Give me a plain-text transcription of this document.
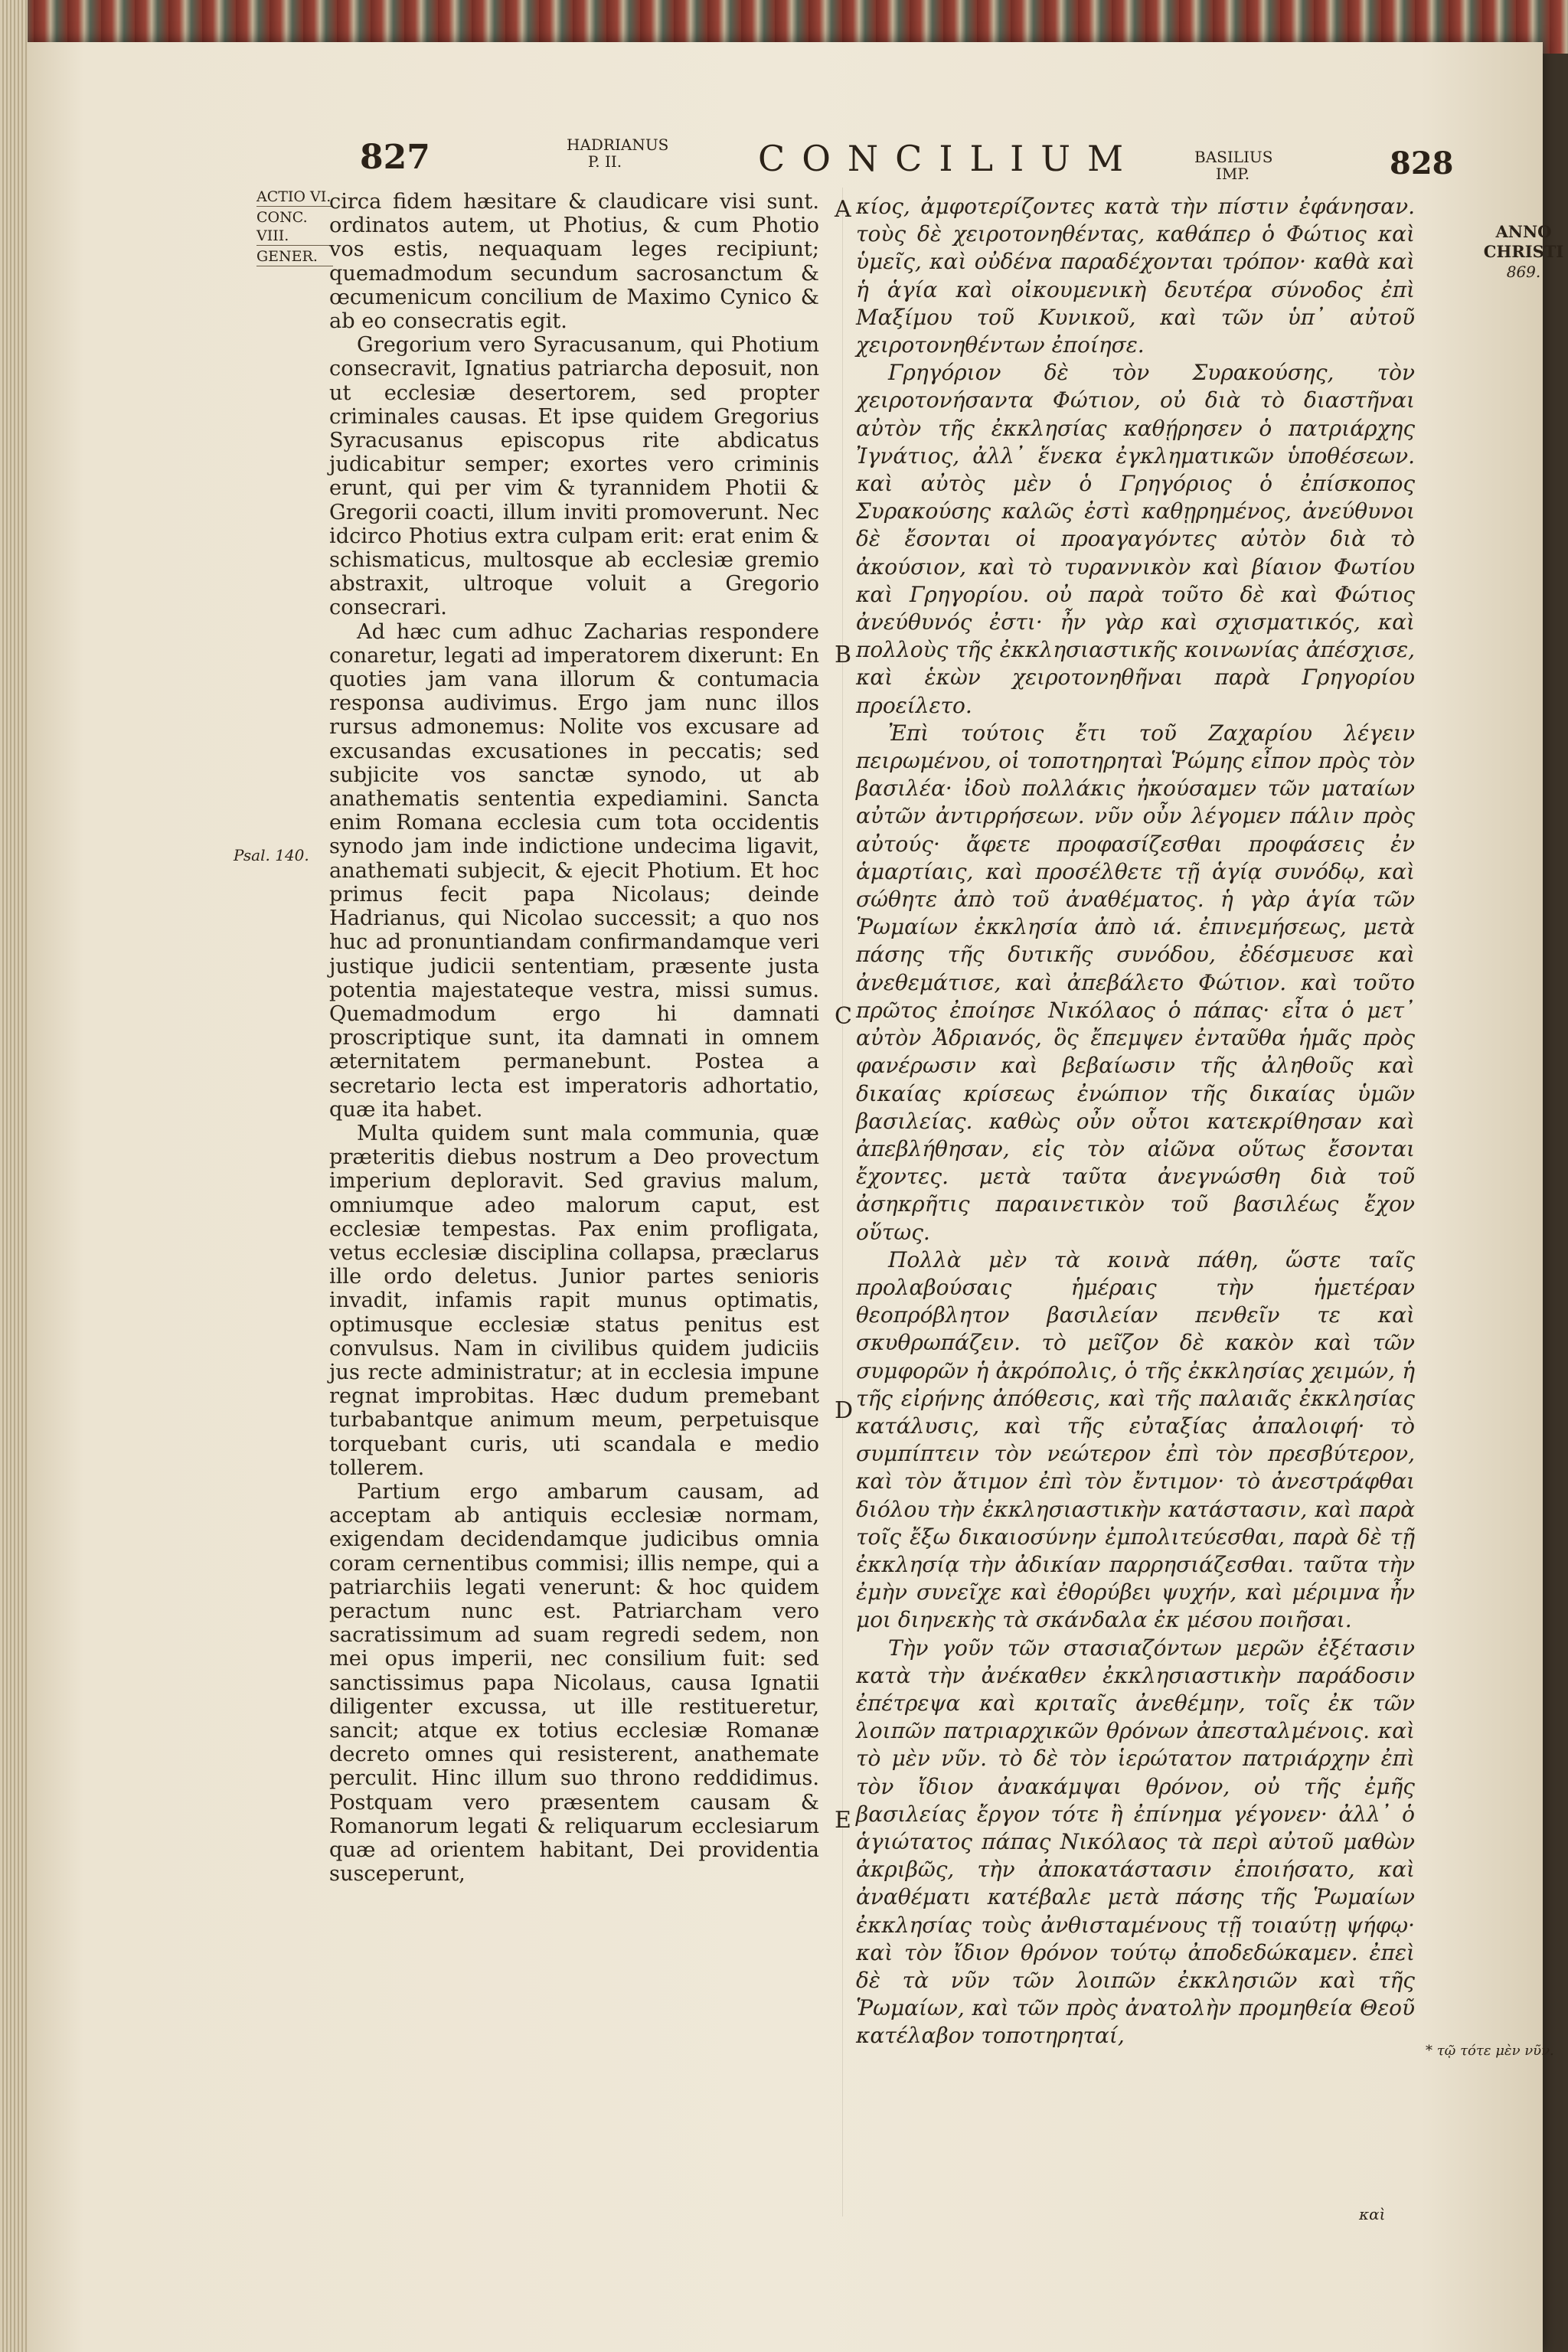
827	HADRIANUS P. II.	CONCILIUM	BASILIUS IMP.	828
ACTIO VI.
CONC. VIII.
GENER.
Psal. 140.
ANNO CHRISTI
869.

circa fidem hæsitare & claudicare visi sunt. ordinatos autem, ut Photius, & cum Photio vos estis, nequaquam leges recipiunt; quemadmodum secundum sacrosanctum & œcumenicum concilium de Maximo Cynico & ab eo consecratis egit.

Gregorium vero Syracusanum, qui Photium consecravit, Ignatius patriarcha deposuit, non ut ecclesiæ desertorem, sed propter criminales causas. Et ipse quidem Gregorius Syracusanus episcopus rite abdicatus judicabitur semper; exortes vero criminis erunt, qui per vim & tyrannidem Photii & Gregorii coacti, illum inviti promoverunt. Nec idcirco Photius extra culpam erit: erat enim & schismaticus, multosque ab ecclesiæ gremio abstraxit, ultroque voluit a Gregorio consecrari.

Ad hæc cum adhuc Zacharias respondere conaretur, legati ad imperatorem dixerunt: En quoties jam vana illorum & contumacia responsa audivimus. Ergo jam nunc illos rursus admonemus: Nolite vos excusare ad excusandas excusationes in peccatis; sed subjicite vos sanctæ synodo, ut ab anathematis sententia expediamini. Sancta enim Romana ecclesia cum tota occidentis synodo jam inde indictione undecima ligavit, anathemati subjecit, & ejecit Photium. Et hoc primus fecit papa Nicolaus; deinde Hadrianus, qui Nicolao successit; a quo nos huc ad pronuntiandam confirmandamque veri justique judicii sententiam, præsente justa potentia majestateque vestra, missi sumus. Quemadmodum ergo hi damnati proscriptique sunt, ita damnati in omnem æternitatem permanebunt. Postea a secretario lecta est imperatoris adhortatio, quæ ita habet.

Multa quidem sunt mala communia, quæ præteritis diebus nostrum a Deo provectum imperium deploravit. Sed gravius malum, omniumque adeo malorum caput, est ecclesiæ tempestas. Pax enim profligata, vetus ecclesiæ disciplina collapsa, præclarus ille ordo deletus. Junior partes senioris invadit, infamis rapit munus optimatis, optimusque ecclesiæ status penitus est convulsus. Nam in civilibus quidem judiciis jus recte administratur; at in ecclesia impune regnat improbitas. Hæc dudum premebant turbabantque animum meum, perpetuisque torquebant curis, uti scandala e medio tollerem.

Partium ergo ambarum causam, ad acceptam ab antiquis ecclesiæ normam, exigendam decidendamque judicibus omnia coram cernentibus commisi; illis nempe, qui a patriarchiis legati venerunt: & hoc quidem peractum nunc est. Patriarcham vero sacratissimum ad suam regredi sedem, non mei opus imperii, nec consilium fuit: sed sanctissimus papa Nicolaus, causa Ignatii diligenter excussa, ut ille restitueretur, sancit; atque ex totius ecclesiæ Romanæ decreto omnes qui resisterent, anathemate perculit. Hinc illum suo throno reddidimus. Postquam vero præsentem causam & Romanorum legati & reliquarum ecclesiarum quæ ad orientem habitant, Dei providentia susceperunt,

A
B
C
D
E

κίος, ἀμφοτερίζοντες κατὰ τὴν πίστιν ἐφάνησαν. τοὺς δὲ χειροτονηθέντας, καθάπερ ὁ Φώτιος καὶ ὑμεῖς, καὶ οὐδένα παραδέχονται τρόπον· καθὰ καὶ ἡ ἁγία καὶ οἰκουμενικὴ δευτέρα σύνοδος ἐπὶ Μαξίμου τοῦ Κυνικοῦ, καὶ τῶν ὑπ᾽ αὐτοῦ χειροτονηθέντων ἐποίησε.

Γρηγόριον δὲ τὸν Συρακούσης, τὸν χειροτονήσαντα Φώτιον, οὐ διὰ τὸ διαστῆναι αὐτὸν τῆς ἐκκλησίας καθῄρησεν ὁ πατριάρχης Ἰγνάτιος, ἀλλ᾽ ἕνεκα ἐγκληματικῶν ὑποθέσεων. καὶ αὐτὸς μὲν ὁ Γρηγόριος ὁ ἐπίσκοπος Συρακούσης καλῶς ἐστὶ καθῃρημένος, ἀνεύθυνοι δὲ ἔσονται οἱ προαγαγόντες αὐτὸν διὰ τὸ ἀκούσιον, καὶ τὸ τυραννικὸν καὶ βίαιον Φωτίου καὶ Γρηγορίου. οὐ παρὰ τοῦτο δὲ καὶ Φώτιος ἀνεύθυνός ἐστι· ἦν γὰρ καὶ σχισματικός, καὶ πολλοὺς τῆς ἐκκλησιαστικῆς κοινωνίας ἀπέσχισε, καὶ ἑκὼν χειροτονηθῆναι παρὰ Γρηγορίου προείλετο.

Ἐπὶ τούτοις ἔτι τοῦ Ζαχαρίου λέγειν πειρωμένου, οἱ τοποτηρηταὶ Ῥώμης εἶπον πρὸς τὸν βασιλέα· ἰδοὺ πολλάκις ἠκούσαμεν τῶν ματαίων αὐτῶν ἀντιρρήσεων. νῦν οὖν λέγομεν πάλιν πρὸς αὐτούς· ἄφετε προφασίζεσθαι προφάσεις ἐν ἁμαρτίαις, καὶ προσέλθετε τῇ ἁγίᾳ συνόδῳ, καὶ σώθητε ἀπὸ τοῦ ἀναθέματος. ἡ γὰρ ἁγία τῶν Ῥωμαίων ἐκκλησία ἀπὸ ιά. ἐπινεμήσεως, μετὰ πάσης τῆς δυτικῆς συνόδου, ἐδέσμευσε καὶ ἀνεθεμάτισε, καὶ ἀπεβάλετο Φώτιον. καὶ τοῦτο πρῶτος ἐποίησε Νικόλαος ὁ πάπας· εἶτα ὁ μετ᾽ αὐτὸν Ἀδριανός, ὃς ἔπεμψεν ἐνταῦθα ἡμᾶς πρὸς φανέρωσιν καὶ βεβαίωσιν τῆς ἀληθοῦς καὶ δικαίας κρίσεως ἐνώπιον τῆς δικαίας ὑμῶν βασιλείας. καθὼς οὖν οὗτοι κατεκρίθησαν καὶ ἀπεβλήθησαν, εἰς τὸν αἰῶνα οὕτως ἔσονται ἔχοντες. μετὰ ταῦτα ἀνεγνώσθη διὰ τοῦ ἀσηκρῆτις παραινετικὸν τοῦ βασιλέως ἔχον οὕτως.

Πολλὰ μὲν τὰ κοινὰ πάθη, ὥστε ταῖς προλαβούσαις ἡμέραις τὴν ἡμετέραν θεοπρόβλητον βασιλείαν πενθεῖν τε καὶ σκυθρωπάζειν. τὸ μεῖζον δὲ κακὸν καὶ τῶν συμφορῶν ἡ ἀκρόπολις, ὁ τῆς ἐκκλησίας χειμών, ἡ τῆς εἰρήνης ἀπόθεσις, καὶ τῆς παλαιᾶς ἐκκλησίας κατάλυσις, καὶ τῆς εὐταξίας ἀπαλοιφή· τὸ συμπίπτειν τὸν νεώτερον ἐπὶ τὸν πρεσβύτερον, καὶ τὸν ἄτιμον ἐπὶ τὸν ἔντιμον· τὸ ἀνεστράφθαι διόλου τὴν ἐκκλησιαστικὴν κατάστασιν, καὶ παρὰ τοῖς ἔξω δικαιοσύνην ἐμπολιτεύεσθαι, παρὰ δὲ τῇ ἐκκλησίᾳ τὴν ἀδικίαν παρρησιάζεσθαι. ταῦτα τὴν ἐμὴν συνεῖχε καὶ ἐθορύβει ψυχήν, καὶ μέριμνα ἦν μοι διηνεκὴς τὰ σκάνδαλα ἐκ μέσου ποιῆσαι.

Τὴν γοῦν τῶν στασιαζόντων μερῶν ἐξέτασιν κατὰ τὴν ἀνέκαθεν ἐκκλησιαστικὴν παράδοσιν ἐπέτρεψα καὶ κριταῖς ἀνεθέμην, τοῖς ἐκ τῶν λοιπῶν πατριαρχικῶν θρόνων ἀπεσταλμένοις. καὶ τὸ μὲν νῦν. τὸ δὲ τὸν ἱερώτατον πατριάρχην ἐπὶ τὸν ἴδιον ἀνακάμψαι θρόνον, οὐ τῆς ἐμῆς βασιλείας ἔργον τότε ἢ ἐπίνημα γέγονεν· ἀλλ᾽ ὁ ἁγιώτατος πάπας Νικόλαος τὰ περὶ αὐτοῦ μαθὼν ἀκριβῶς, τὴν ἀποκατάστασιν ἐποιήσατο, καὶ ἀναθέματι κατέβαλε μετὰ πάσης τῆς Ῥωμαίων ἐκκλησίας τοὺς ἀνθισταμένους τῇ τοιαύτῃ ψήφῳ· καὶ τὸν ἴδιον θρόνον τούτῳ ἀποδεδώκαμεν. ἐπεὶ δὲ τὰ νῦν τῶν λοιπῶν ἐκκλησιῶν καὶ τῆς Ῥωμαίων, καὶ τῶν πρὸς ἀνατολὴν προμηθεία Θεοῦ κατέλαβον τοποτηρηταί,

* τῷ τότε μὲν νῦν.
καὶ
